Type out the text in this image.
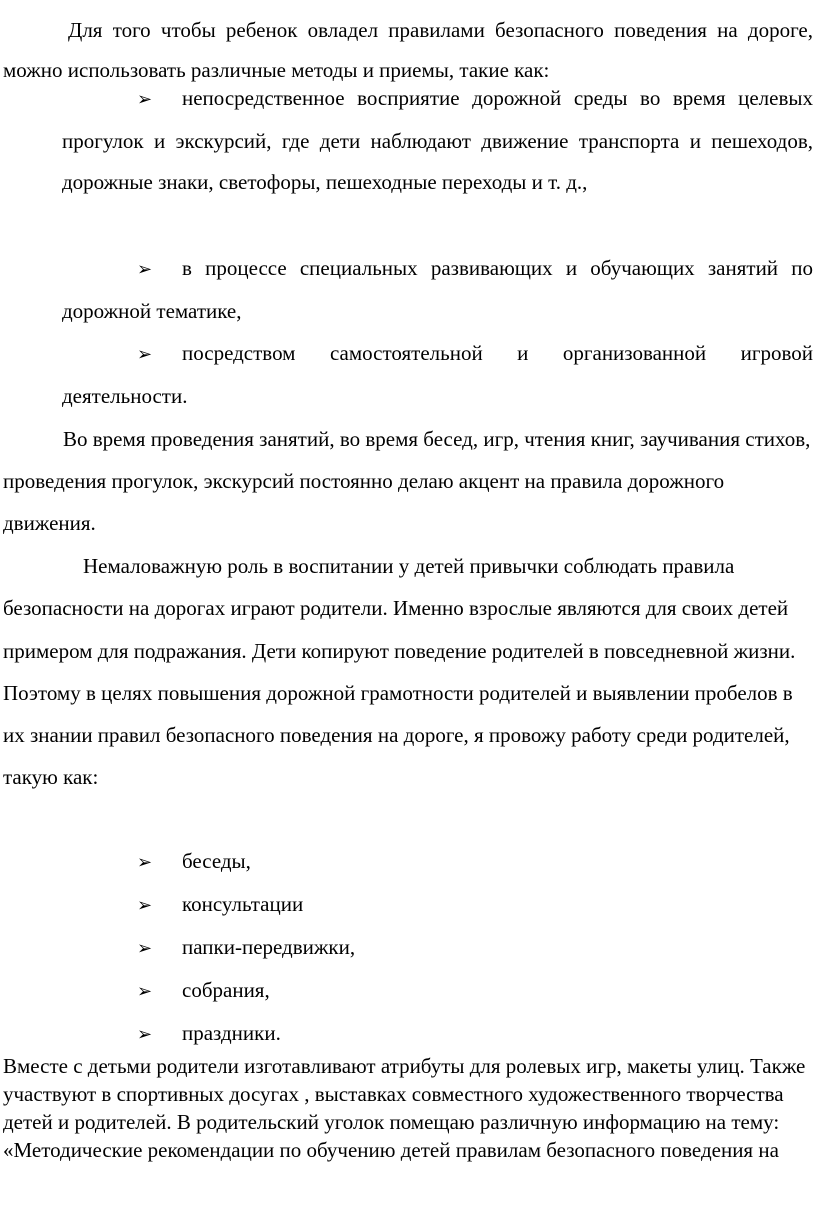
Для того чтобы ребенок овладел правилами безопасного поведения на дороге, можно использовать различные методы и приемы, такие как:

➢ непосредственное восприятие дорожной среды во время целевых прогулок и экскурсий, где дети наблюдают движение транспорта и пешеходов, дорожные знаки, светофоры, пешеходные переходы и т. д.,

➢ в процессе специальных развивающих и обучающих занятий по дорожной тематике,

➢ посредством самостоятельной и организованной игровой деятельности.

Во время проведения занятий, во время бесед, игр, чтения книг, заучивания стихов, проведения прогулок, экскурсий постоянно делаю акцент на правила дорожного движения.

Немаловажную роль в воспитании у детей привычки соблюдать правила безопасности на дорогах играют родители. Именно взрослые являются для своих детей примером для подражания. Дети копируют поведение родителей в повседневной жизни. Поэтому в целях повышения дорожной грамотности родителей и выявлении пробелов в их знании правил безопасного поведения на дороге, я провожу работу среди родителей, такую как:

➢ беседы,
➢ консультации
➢ папки-передвижки,
➢ собрания,
➢ праздники.

Вместе с детьми родители изготавливают атрибуты для ролевых игр, макеты улиц. Также участвуют в спортивных досугах , выставках совместного художественного творчества детей и родителей. В родительский уголок помещаю различную информацию на тему: «Методические рекомендации по обучению детей правилам безопасного поведения на
